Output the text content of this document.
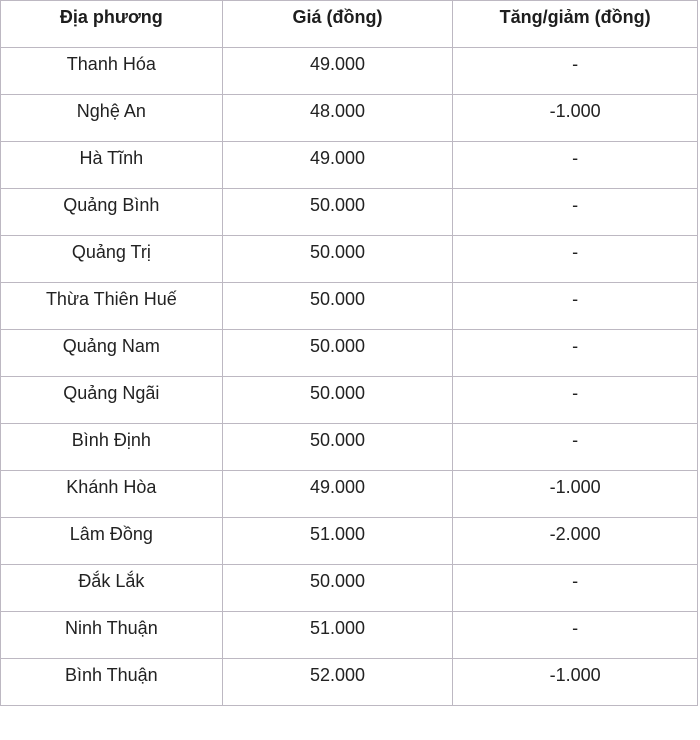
Địa phương	Giá (đồng)	Tăng/giảm (đồng)
Thanh Hóa	49.000	-
Nghệ An	48.000	-1.000
Hà Tĩnh	49.000	-
Quảng Bình	50.000	-
Quảng Trị	50.000	-
Thừa Thiên Huế	50.000	-
Quảng Nam	50.000	-
Quảng Ngãi	50.000	-
Bình Định	50.000	-
Khánh Hòa	49.000	-1.000
Lâm Đồng	51.000	-2.000
Đắk Lắk	50.000	-
Ninh Thuận	51.000	-
Bình Thuận	52.000	-1.000
